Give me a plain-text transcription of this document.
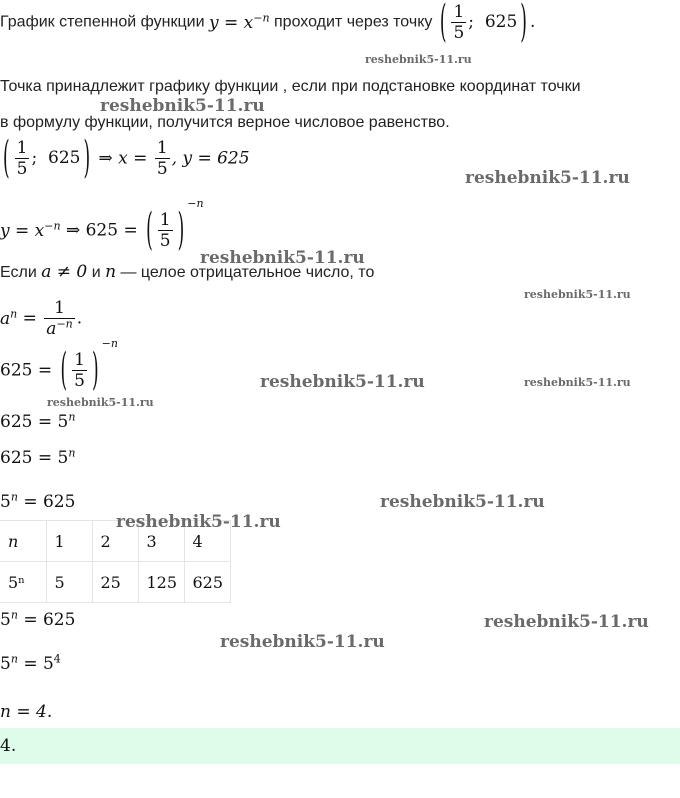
График степенной функции $y = x^{-n}$ проходит через точку ( $\frac{1}{5}$ ; 625 ) .
Точка принадлежит графику функции , если при подстановке координат точки
в формулу функции, получится верное числовое равенство.
( $\frac{1}{5}$ ; 625 ) ⇒ $x = \frac{1}{5}$ , y = 625
$y = x^{-n}$ ⇒ 625 = ( $\frac{1}{5} )^{-n}$
Если a ≠ 0 и n — целое отрицательное число, то
$a^n = \frac{1}{a^{-n}}$ .
625 = ( $\frac{1}{5} )^{-n}$
$625 = 5^n$
$625 = 5^n$
$5^n = 625$
n	1	2	3	4
5ⁿ	5	25	125	625
$5^n = 625$
$5^n = 5^4$
n = 4.
4.
reshebnik5-11.ru
reshebnik5-11.ru
reshebnik5-11.ru
reshebnik5-11.ru
reshebnik5-11.ru
reshebnik5-11.ru	reshebnik5-11.ru
reshebnik5-11.ru
reshebnik5-11.ru
reshebnik5-11.ru
reshebnik5-11.ru
reshebnik5-11.ru
